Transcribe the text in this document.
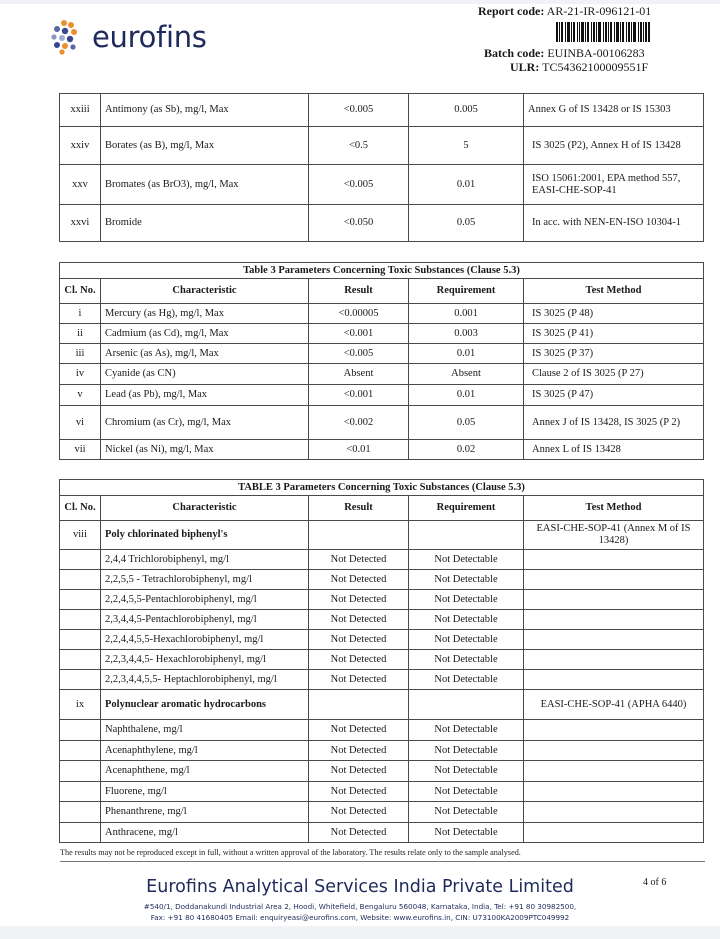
eurofins
Report code: AR-21-IR-096121-01
Batch code: EUINBA-00106283
ULR: TC54362100009551F
xxiii	Antimony (as Sb), mg/l, Max	<0.005	0.005	Annex G of IS 13428 or IS 15303
xxiv	Borates (as B), mg/l, Max	<0.5	5	IS 3025 (P2), Annex H of IS 13428
xxv	Bromates (as BrO3), mg/l, Max	<0.005	0.01	ISO 15061:2001, EPA method 557, EASI-CHE-SOP-41
xxvi	Bromide	<0.050	0.05	In acc. with NEN-EN-ISO 10304-1
Table 3 Parameters Concerning Toxic Substances (Clause 5.3)				
Cl. No.	Characteristic	Result	Requirement	Test Method
i	Mercury (as Hg), mg/l, Max	<0.00005	0.001	IS 3025 (P 48)
ii	Cadmium (as Cd), mg/l, Max	<0.001	0.003	IS 3025 (P 41)
iii	Arsenic (as As), mg/l, Max	<0.005	0.01	IS 3025 (P 37)
iv	Cyanide (as CN)	Absent	Absent	Clause 2 of IS 3025 (P 27)
v	Lead (as Pb), mg/l, Max	<0.001	0.01	IS 3025 (P 47)
vi	Chromium (as Cr), mg/l, Max	<0.002	0.05	Annex J of IS 13428, IS 3025 (P 2)
vii	Nickel (as Ni), mg/l, Max	<0.01	0.02	Annex L of IS 13428
TABLE 3 Parameters Concerning Toxic Substances (Clause 5.3)				
Cl. No.	Characteristic	Result	Requirement	Test Method
viii	Poly chlorinated biphenyl's			EASI-CHE-SOP-41 (Annex M of IS 13428)
	2,4,4 Trichlorobiphenyl, mg/l	Not Detected	Not Detectable	
	2,2,5,5 - Tetrachlorobiphenyl, mg/l	Not Detected	Not Detectable	
	2,2,4,5,5-Pentachlorobiphenyl, mg/l	Not Detected	Not Detectable	
	2,3,4,4,5-Pentachlorobiphenyl, mg/l	Not Detected	Not Detectable	
	2,2,4,4,5,5-Hexachlorobiphenyl, mg/l	Not Detected	Not Detectable	
	2,2,3,4,4,5- Hexachlorobiphenyl, mg/l	Not Detected	Not Detectable	
	2,2,3,4,4,5,5- Heptachlorobiphenyl, mg/l	Not Detected	Not Detectable	
ix	Polynuclear aromatic hydrocarbons			EASI-CHE-SOP-41 (APHA 6440)
	Naphthalene, mg/l	Not Detected	Not Detectable	
	Acenaphthylene, mg/l	Not Detected	Not Detectable	
	Acenaphthene, mg/l	Not Detected	Not Detectable	
	Fluorene, mg/l	Not Detected	Not Detectable	
	Phenanthrene, mg/l	Not Detected	Not Detectable	
	Anthracene, mg/l	Not Detected	Not Detectable	
The results may not be reproduced except in full, without a written approval of the laboratory. The results relate only to the sample analysed.
Eurofins Analytical Services India Private Limited
#540/1, Doddanakundi Industrial Area 2, Hoodi, Whitefield, Bengaluru 560048, Karnataka, India, Tel: +91 80 30982500,
Fax: +91 80 41680405 Email: enquiryeasi@eurofins.com, Website: www.eurofins.in, CIN: U73100KA2009PTC049992
4 of 6
